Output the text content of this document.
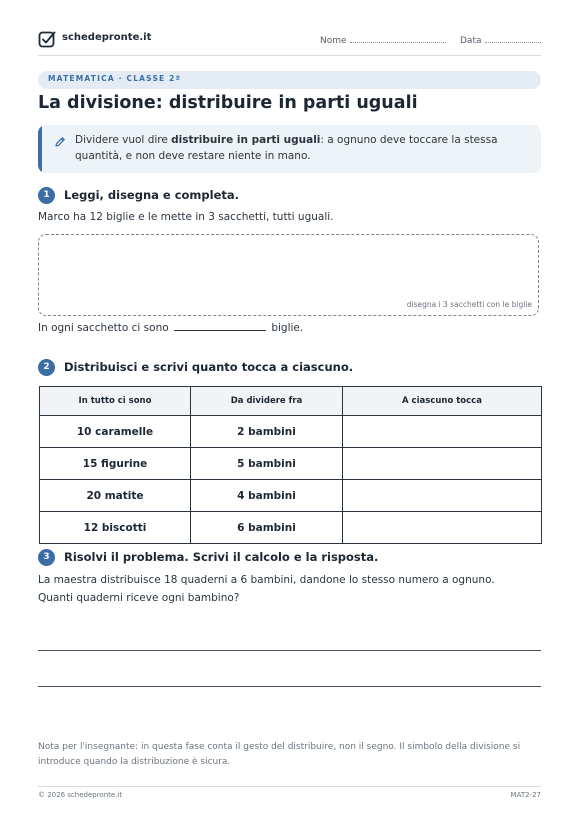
schedepronte.it	Nome	Data
MATEMATICA · CLASSE 2ª
La divisione: distribuire in parti uguali
Dividere vuol dire distribuire in parti uguali: a ognuno deve toccare la stessa quantità, e non deve restare niente in mano.
1	Leggi, disegna e completa.
Marco ha 12 biglie e le mette in 3 sacchetti, tutti uguali.
disegna i 3 sacchetti con le biglie
In ogni sacchetto ci sono	biglie.
2	Distribuisci e scrivi quanto tocca a ciascuno.
In tutto ci sono	Da dividere fra	A ciascuno tocca
10 caramelle	2 bambini	
15 figurine	5 bambini	
20 matite	4 bambini	
12 biscotti	6 bambini	
3	Risolvi il problema. Scrivi il calcolo e la risposta.
La maestra distribuisce 18 quaderni a 6 bambini, dandone lo stesso numero a ognuno.
Quanti quaderni riceve ogni bambino?
Nota per l'insegnante: in questa fase conta il gesto del distribuire, non il segno. Il simbolo della divisione si introduce quando la distribuzione è sicura.
© 2026 schedepronte.it	MAT2-27
